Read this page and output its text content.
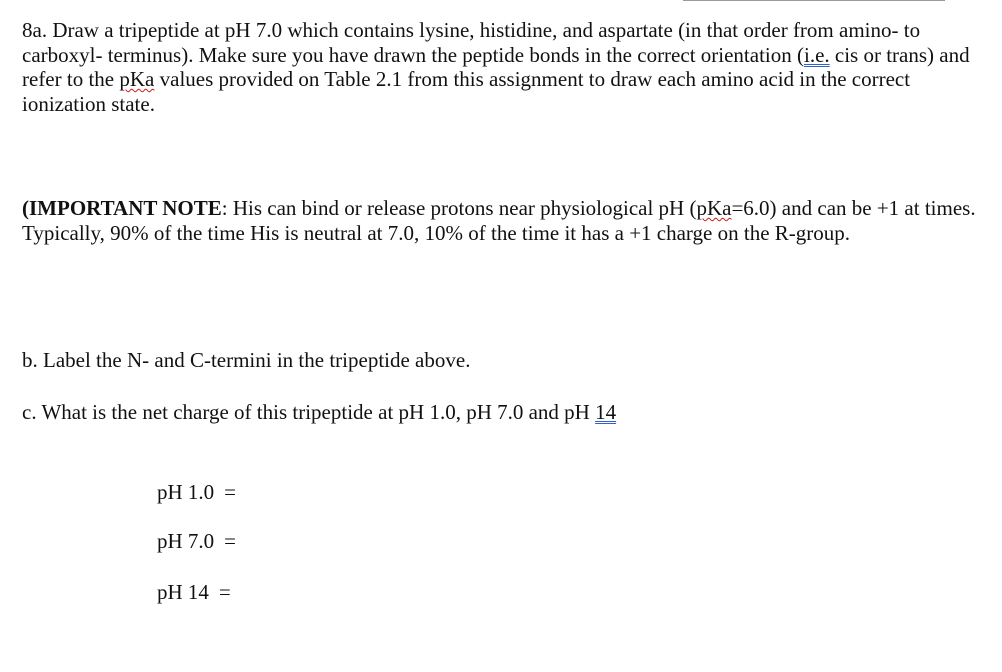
8a. Draw a tripeptide at pH 7.0 which contains lysine, histidine, and aspartate (in that order from amino- to carboxyl- terminus). Make sure you have drawn the peptide bonds in the correct orientation (i.e. cis or trans) and refer to the pKa values provided on Table 2.1 from this assignment to draw each amino acid in the correct ionization state.

(IMPORTANT NOTE: His can bind or release protons near physiological pH (pKa=6.0) and can be +1 at times. Typically, 90% of the time His is neutral at 7.0, 10% of the time it has a +1 charge on the R-group.

b. Label the N- and C-termini in the tripeptide above.

c. What is the net charge of this tripeptide at pH 1.0, pH 7.0 and pH 14

pH 1.0 =
pH 7.0 =
pH 14 =
